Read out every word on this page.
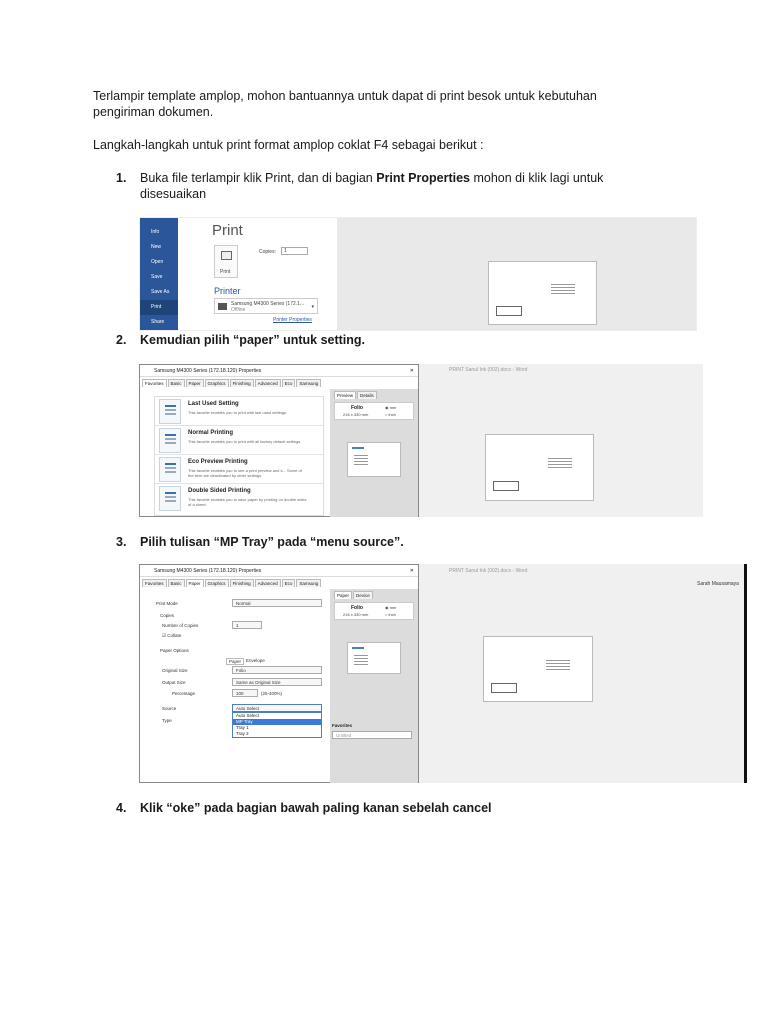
Terlampir template amplop, mohon bantuannya untuk dapat di print besok untuk kebutuhan
pengiriman dokumen.
Langkah-langkah untuk print format amplop coklat F4 sebagai berikut :
1.	Buka file terlampir klik Print, dan di bagian Print Properties mohon di klik lagi untuk
disesuaikan
Info
New
Open
Save
Save As
Print
Share
Print
Print
Copies:	1
Printer
Samsung M4300 Series (172.1...
Offline	▾
Printer Properties
2.	Kemudian pilih “paper” untuk setting.
PRINT Sanul Ink (002).docx - Word
Samsung M4300 Series (172.18.120) Properties	✕
Favorites	Basic	Paper	Graphics	Finishing	Advanced	Eco	Samsung
Last Used Setting
This favorite enables you to print with last used settings.
Normal Printing
This favorite enables you to print with all factory default settings.
Eco Preview Printing
This favorite enables you to see a print preview and s... Some of the item are deactivated by other settings.
Double Sided Printing
This favorite enables you to save paper by printing on double sides of a sheet.
Preview	Details
Folio
216 x 330 mm
◉ mm
○ inch
3.	Pilih tulisan “MP Tray” pada “menu source”.
PRINT Sanul Ink (002).docx - Word
Sarah Mausamaya
Samsung M4300 Series (172.18.120) Properties	✕
Favorites	Basic	Paper	Graphics	Finishing	Advanced	Eco	Samsung
Print Mode	Normal
Copies
Number of Copies	1
☑ Collate
Paper Options
Paper	Envelope
Original Size	Folio
Output Size	Same as Original Size
Percentage	100	(25-400%)
Source	Auto Select
Auto Select
MP Tray
Tray 1
Tray 2
Type
Paper	Device
Folio
216 x 330 mm
◉ mm
○ inch
Favorites
Untitled
4.	Klik “oke” pada bagian bawah paling kanan sebelah cancel
